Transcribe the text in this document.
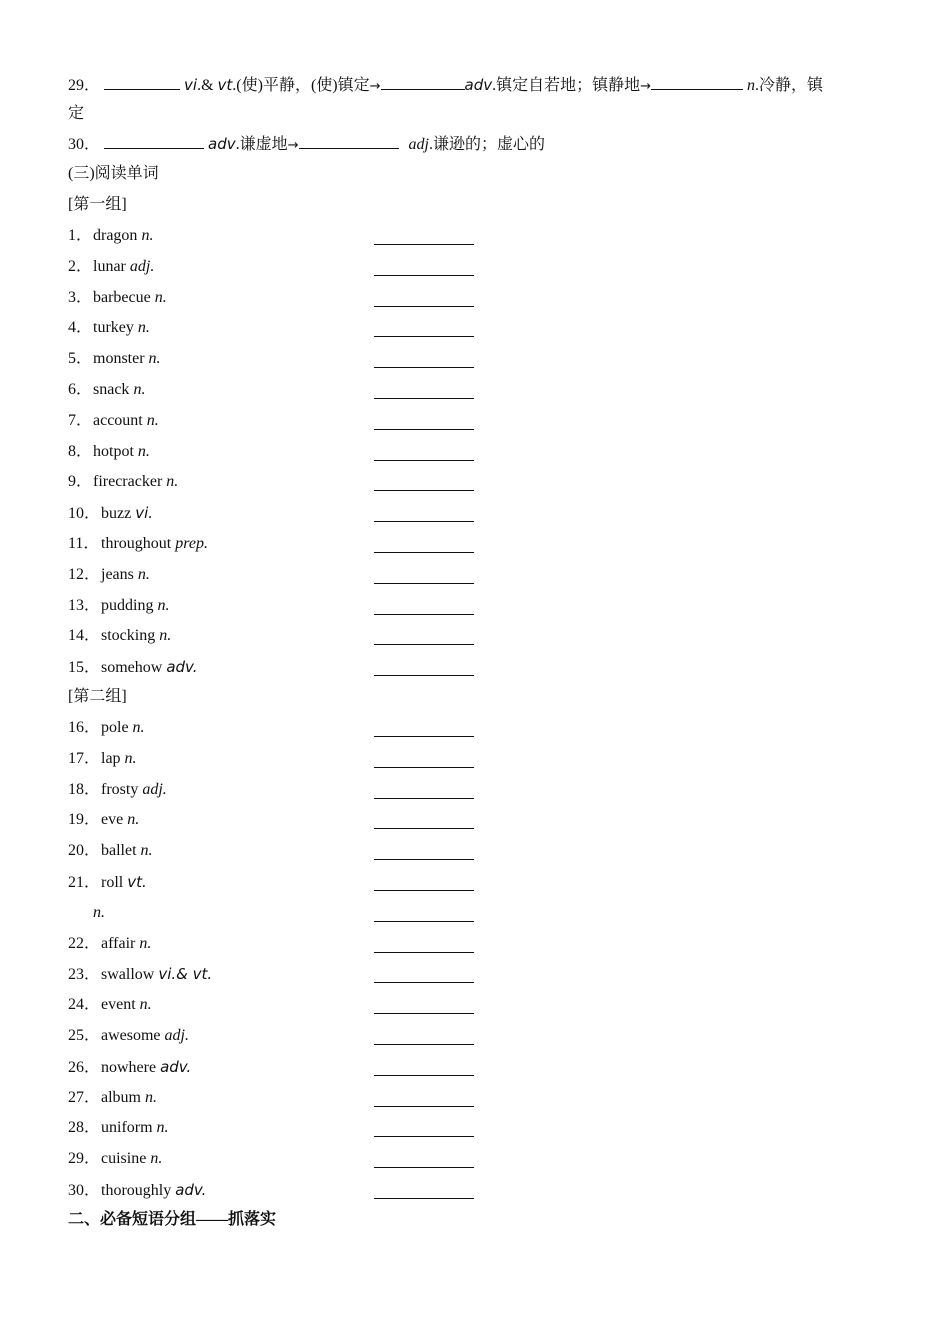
29．	vi.& vt.(使)平静，(使)镇定→	adv.镇定自若地；镇静地→	n.冷静，镇
定
30．	adv.谦虚地→	adj.谦逊的；虚心的
(三)阅读单词
[第一组]
1．dragon n.
2．lunar adj.
3．barbecue n.
4．turkey n.
5．monster n.
6．snack n.
7．account n.
8．hotpot n.
9．firecracker n.
10．buzz vi.
11．throughout prep.
12．jeans n.
13．pudding n.
14．stocking n.
15．somehow adv.
[第二组]
16．pole n.
17．lap n.
18．frosty adj.
19．eve n.
20．ballet n.
21．roll vt.
n.
22．affair n.
23．swallow vi.& vt.
24．event n.
25．awesome adj.
26．nowhere adv.
27．album n.
28．uniform n.
29．cuisine n.
30．thoroughly adv.
二、必备短语分组——抓落实
